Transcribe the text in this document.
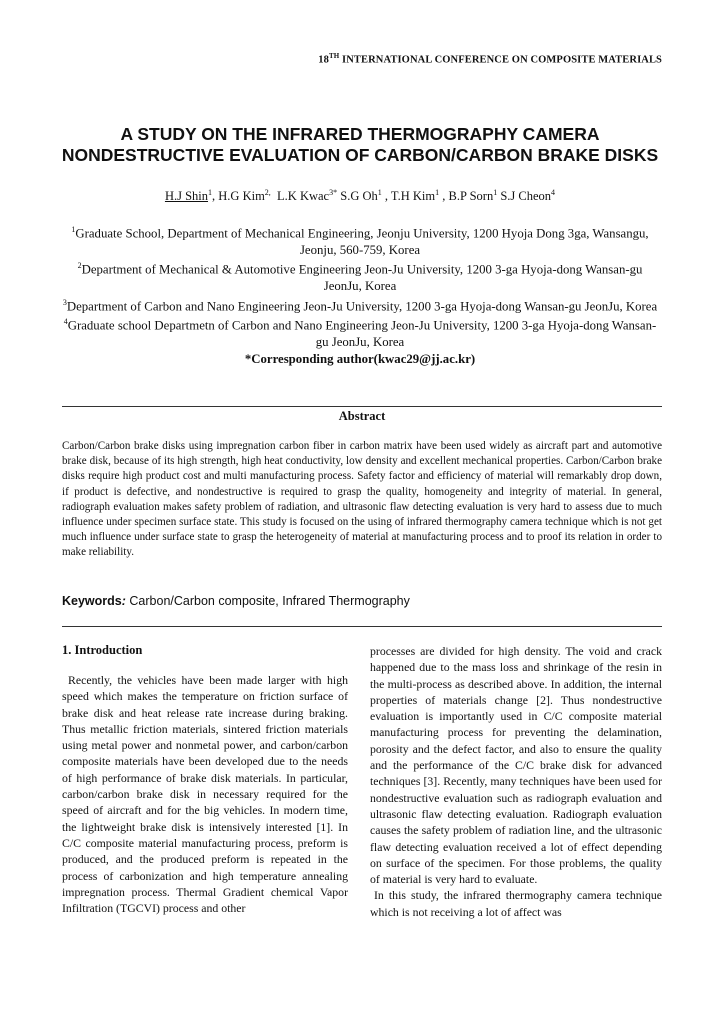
18TH INTERNATIONAL CONFERENCE ON COMPOSITE MATERIALS
A STUDY ON THE INFRARED THERMOGRAPHY CAMERA NONDESTRUCTIVE EVALUATION OF CARBON/CARBON BRAKE DISKS
H.J Shin$^1$, H.G Kim$^{2,}$ L.K Kwac$^{3*}$ S.G Oh$^1$ , T.H Kim$^1$ , B.P Sorn$^1$ S.J Cheon$^4$
$^1$Graduate School, Department of Mechanical Engineering, Jeonju University, 1200 Hyoja Dong 3ga, Wansangu, Jeonju, 560-759, Korea
$^2$Department of Mechanical & Automotive Engineering Jeon-Ju University, 1200 3-ga Hyoja-dong Wansan-gu JeonJu, Korea
$^3$Department of Carbon and Nano Engineering Jeon-Ju University, 1200 3-ga Hyoja-dong Wansan-gu JeonJu, Korea
$^4$Graduate school Departmetn of Carbon and Nano Engineering Jeon-Ju University, 1200 3-ga Hyoja-dong Wansan-gu JeonJu, Korea
*Corresponding author(kwac29@jj.ac.kr)
Abstract
Carbon/Carbon brake disks using impregnation carbon fiber in carbon matrix have been used widely as aircraft part and automotive brake disk, because of its high strength, high heat conductivity, low density and excellent mechanical properties. Carbon/Carbon brake disks require high product cost and multi manufacturing process. Safety factor and efficiency of material will remarkably drop down, if product is defective, and nondestructive is required to grasp the quality, homogeneity and integrity of material. In general, radiograph evaluation makes safety problem of radiation, and ultrasonic flaw detecting evaluation is very hard to assess due to much influence under specimen surface state. This study is focused on the using of infrared thermography camera technique which is not get much influence under surface state to grasp the heterogeneity of material at manufacturing process and to proof its relation in order to make reliability.
Keywords: Carbon/Carbon composite, Infrared Thermography
1. Introduction
Recently, the vehicles have been made larger with high speed which makes the temperature on friction surface of brake disk and heat release rate increase during braking. Thus metallic friction materials, sintered friction materials using metal power and nonmetal power, and carbon/carbon composite materials have been developed due to the needs of high performance of brake disk materials. In particular, carbon/carbon brake disk in necessary required for the speed of aircraft and for the big vehicles. In modern time, the lightweight brake disk is intensively interested [1]. In C/C composite material manufacturing process, preform is produced, and the produced preform is repeated in the process of carbonization and high temperature annealing impregnation process. Thermal Gradient chemical Vapor Infiltration (TGCVI) process and other

processes are divided for high density. The void and crack happened due to the mass loss and shrinkage of the resin in the multi-process as described above. In addition, the internal properties of materials change [2]. Thus nondestructive evaluation is importantly used in C/C composite material manufacturing process for preventing the delamination, porosity and the defect factor, and also to ensure the quality and the performance of the C/C brake disk for advanced techniques [3]. Recently, many techniques have been used for nondestructive evaluation such as radiograph evaluation and ultrasonic flaw detecting evaluation. Radiograph evaluation causes the safety problem of radiation line, and the ultrasonic flaw detecting evaluation received a lot of effect depending on surface of the specimen. For those problems, the quality of material is very hard to evaluate.

In this study, the infrared thermography camera technique which is not receiving a lot of affect was
